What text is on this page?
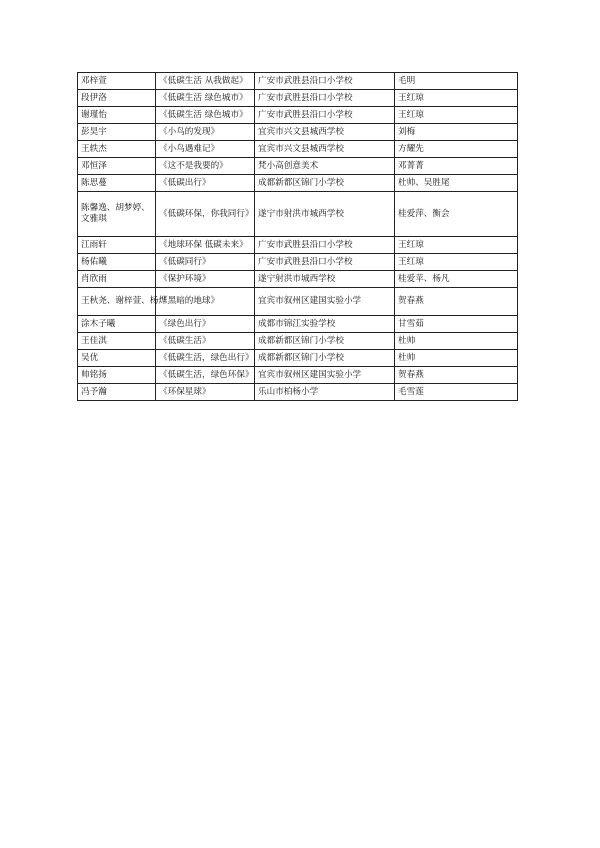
邓梓萱	《低碳生活 从我做起》	广安市武胜县沿口小学校	毛明
段伊洛	《低碳生活 绿色城市》	广安市武胜县沿口小学校	王红琼
谢瑾怡	《低碳生活 绿色城市》	广安市武胜县沿口小学校	王红琼
彭昊宇	《小鸟的发现》	宜宾市兴文县城西学校	刘梅
王轶杰	《小鸟遇难记》	宜宾市兴文县城西学校	方耀先
邓恒泽	《这不是我要的》	梵小高创意美术	邓菁菁
陈思蔓	《低碳出行》	成都新都区锦门小学校	杜帅、吴胜尾
陈馨逸、胡梦婷、文雅琪	《低碳环保，你我同行》	遂宁市射洪市城西学校	桂爱萍、衡会
江雨轩	《地球环保 低碳未来》	广安市武胜县沿口小学校	王红琼
杨佑曦	《低碳同行》	广安市武胜县沿口小学校	王红琼
肖欣雨	《保护环境》	遂宁射洪市城西学校	桂爱苹、杨凡
王秋尧、谢梓萱、杨烨	《黑暗的地球》	宜宾市叙州区建国实验小学	贺春燕
涂木子曦	《绿色出行》	成都市锦江实验学校	甘雪茹
王佳淇	《低碳生活》	成都新都区锦门小学校	杜帅
吴优	《低碳生活，绿色出行》	成都新都区锦门小学校	杜帅
帅铭扬	《低碳生活，绿色环保》	宜宾市叙州区建国实验小学	贺春燕
冯予瀚	《环保星球》	乐山市柏杨小学	毛雪莲
